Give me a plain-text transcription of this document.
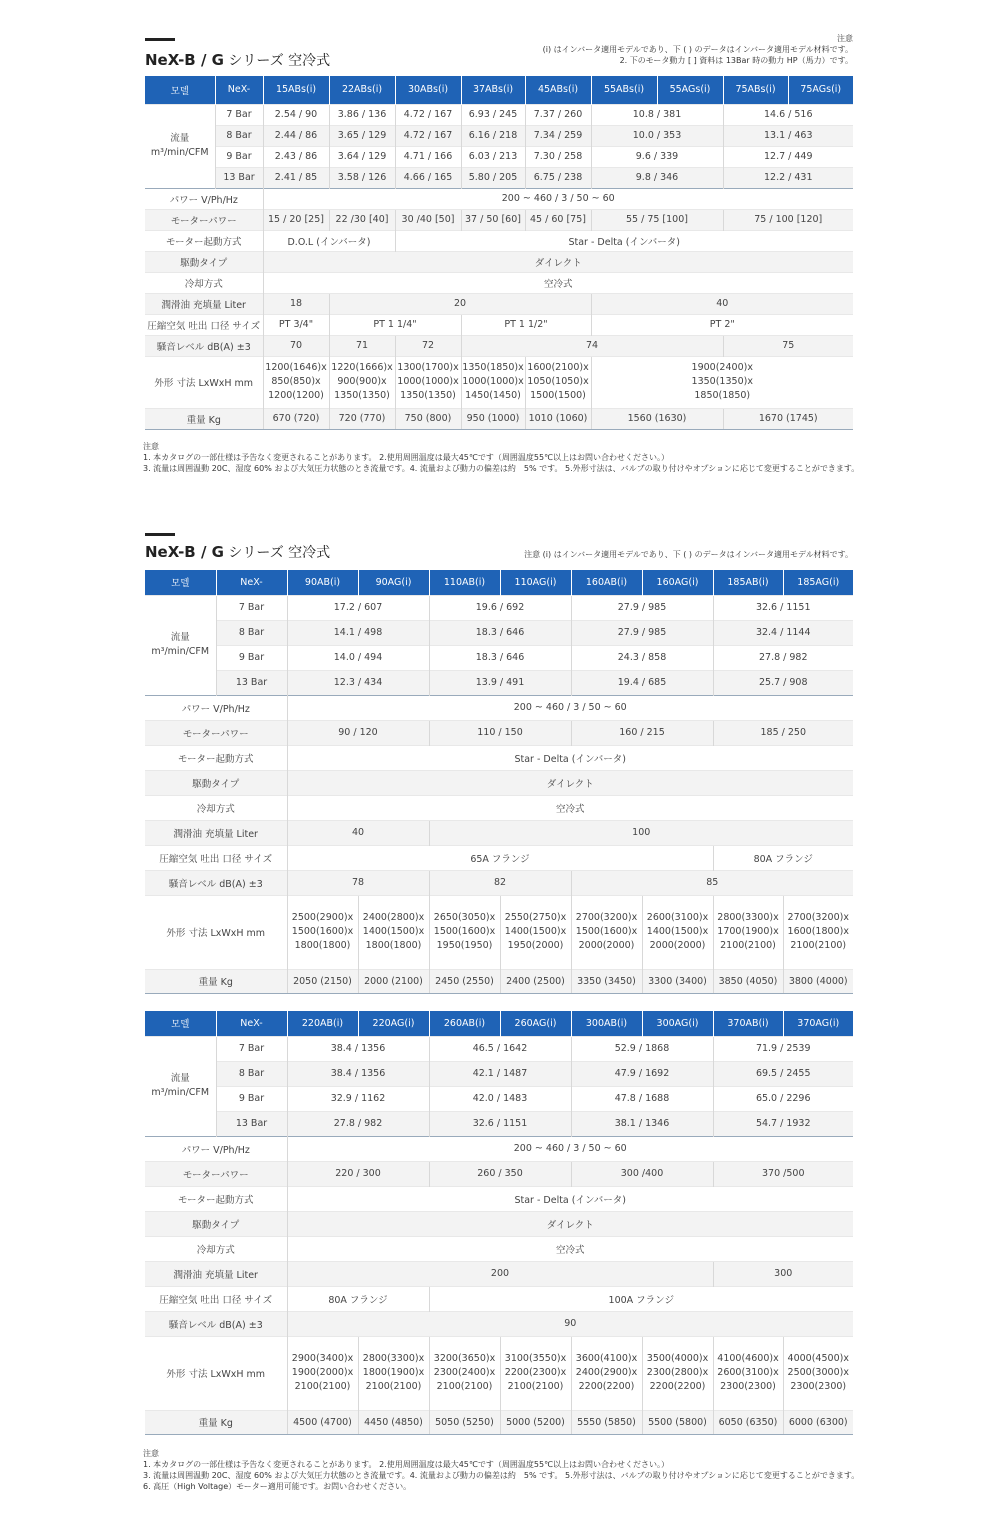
NeX-B / G シリーズ 空冷式
注意
(i) はインバータ適用モデルであり、下 ( ) のデータはインバータ適用モデル材料です。
2. 下のモータ動力 [ ] 資料は 13Bar 時の動力 HP（馬力）です。
모델	NeX-	15ABs(i)	22ABs(i)	30ABs(i)	37ABs(i)	45ABs(i)	55ABs(i)	55AGs(i)	75ABs(i)	75AGs(i)
流量
m³/min/CFM	7 Bar	2.54 / 90	3.86 / 136	4.72 / 167	6.93 / 245	7.37 / 260	10.8 / 381		14.6 / 516	
	8 Bar	2.44 / 86	3.65 / 129	4.72 / 167	6.16 / 218	7.34 / 259	10.0 / 353		13.1 / 463	
	9 Bar	2.43 / 86	3.64 / 129	4.71 / 166	6.03 / 213	7.30 / 258	9.6 / 339		12.7 / 449	
	13 Bar	2.41 / 85	3.58 / 126	4.66 / 165	5.80 / 205	6.75 / 238	9.8 / 346		12.2 / 431	
パワー V/Ph/Hz		200 ~ 460 / 3 / 50 ~ 60								
モーターパワー		15 / 20 [25]	22 /30 [40]	30 /40 [50]	37 / 50 [60]	45 / 60 [75]	55 / 75 [100]		75 / 100 [120]	
モーター起動方式		D.O.L (インバータ)		Star - Delta (インバータ)						
駆動タイプ		ダイレクト								
冷却方式		空冷式								
潤滑油 充填量 Liter		18	20				40			
圧縮空気 吐出 口径 サイズ		PT 3/4"	PT 1 1/4"		PT 1 1/2"		PT 2"			
騒音レベル dB(A) ±3		70	71	72	74				75	
外形 寸法 LxWxH mm		1200(1646)x
850(850)x
1200(1200)	1220(1666)x
900(900)x
1350(1350)	1300(1700)x
1000(1000)x
1350(1350)	1350(1850)x
1000(1000)x
1450(1450)	1600(2100)x
1050(1050)x
1500(1500)	1900(2400)x
1350(1350)x
1850(1850)			
重量 Kg		670 (720)	720 (770)	750 (800)	950 (1000)	1010 (1060)	1560 (1630)		1670 (1745)	
注意
1. 本カタログの一部仕様は予告なく変更されることがあります。 2.使用周囲温度は最大45℃です（周囲温度55℃以上はお問い合わせください。）
3. 流量は周囲温動 20C、湿度 60% および大気圧力状態のとき流量です。4. 流量および動力の偏差は約　5% です。 5.外形寸法は、バルブの取り付けやオプションに応じて変更することができます。
NeX-B / G シリーズ 空冷式	注意 (i) はインバータ適用モデルであり、下 ( ) のデータはインバータ適用モデル材料です。
모델	NeX-	90AB(i)	90AG(i)	110AB(i)	110AG(i)	160AB(i)	160AG(i)	185AB(i)	185AG(i)
流量
m³/min/CFM	7 Bar	17.2 / 607		19.6 / 692		27.9 / 985		32.6 / 1151	
	8 Bar	14.1 / 498		18.3 / 646		27.9 / 985		32.4 / 1144	
	9 Bar	14.0 / 494		18.3 / 646		24.3 / 858		27.8 / 982	
	13 Bar	12.3 / 434		13.9 / 491		19.4 / 685		25.7 / 908	
パワー V/Ph/Hz		200 ~ 460 / 3 / 50 ~ 60							
モーターパワー		90 / 120		110 / 150		160 / 215		185 / 250	
モーター起動方式		Star - Delta (インバータ)							
駆動タイプ		ダイレクト							
冷却方式		空冷式							
潤滑油 充填量 Liter		40		100					
圧縮空気 吐出 口径 サイズ		65A フランジ						80A フランジ	
騒音レベル dB(A) ±3		78		82		85			
外形 寸法 LxWxH mm		2500(2900)x
1500(1600)x
1800(1800)	2400(2800)x
1400(1500)x
1800(1800)	2650(3050)x
1500(1600)x
1950(1950)	2550(2750)x
1400(1500)x
1950(2000)	2700(3200)x
1500(1600)x
2000(2000)	2600(3100)x
1400(1500)x
2000(2000)	2800(3300)x
1700(1900)x
2100(2100)	2700(3200)x
1600(1800)x
2100(2100)
重量 Kg		2050 (2150)	2000 (2100)	2450 (2550)	2400 (2500)	3350 (3450)	3300 (3400)	3850 (4050)	3800 (4000)
모델	NeX-	220AB(i)	220AG(i)	260AB(i)	260AG(i)	300AB(i)	300AG(i)	370AB(i)	370AG(i)
流量
m³/min/CFM	7 Bar	38.4 / 1356		46.5 / 1642		52.9 / 1868		71.9 / 2539	
	8 Bar	38.4 / 1356		42.1 / 1487		47.9 / 1692		69.5 / 2455	
	9 Bar	32.9 / 1162		42.0 / 1483		47.8 / 1688		65.0 / 2296	
	13 Bar	27.8 / 982		32.6 / 1151		38.1 / 1346		54.7 / 1932	
パワー V/Ph/Hz		200 ~ 460 / 3 / 50 ~ 60							
モーターパワー		220 / 300		260 / 350		300 /400		370 /500	
モーター起動方式		Star - Delta (インバータ)							
駆動タイプ		ダイレクト							
冷却方式		空冷式							
潤滑油 充填量 Liter		200						300	
圧縮空気 吐出 口径 サイズ		80A フランジ		100A フランジ					
騒音レベル dB(A) ±3		90							
外形 寸法 LxWxH mm		2900(3400)x
1900(2000)x
2100(2100)	2800(3300)x
1800(1900)x
2100(2100)	3200(3650)x
2300(2400)x
2100(2100)	3100(3550)x
2200(2300)x
2100(2100)	3600(4100)x
2400(2900)x
2200(2200)	3500(4000)x
2300(2800)x
2200(2200)	4100(4600)x
2600(3100)x
2300(2300)	4000(4500)x
2500(3000)x
2300(2300)
重量 Kg		4500 (4700)	4450 (4850)	5050 (5250)	5000 (5200)	5550 (5850)	5500 (5800)	6050 (6350)	6000 (6300)
注意
1. 本カタログの一部仕様は予告なく変更されることがあります。 2.使用周囲温度は最大45℃です（周囲温度55℃以上はお問い合わせください。）
3. 流量は周囲温動 20C、湿度 60% および大気圧力状態のとき流量です。4. 流量および動力の偏差は約　5% です。 5.外形寸法は、バルブの取り付けやオプションに応じて変更することができます。
6. 高圧（High Voltage）モーター適用可能です。お問い合わせください。
